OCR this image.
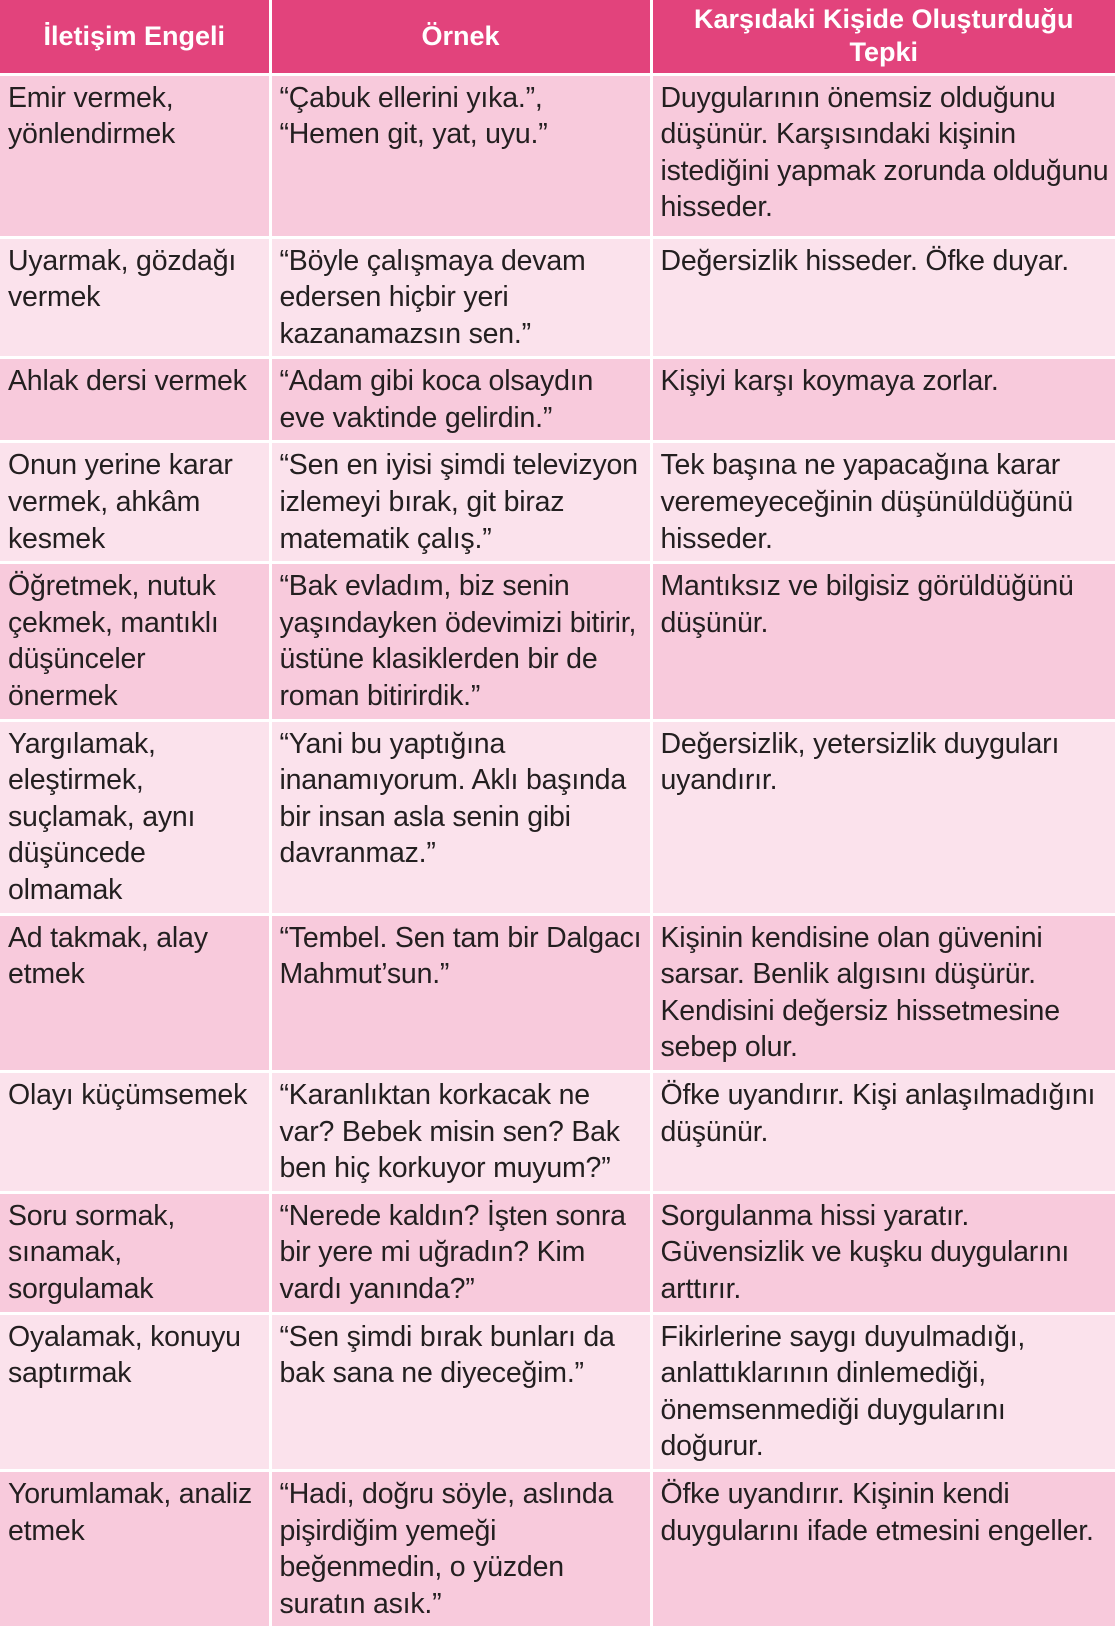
İletişim Engeli	Örnek	Karşıdaki Kişide Oluşturduğu Tepki

Emir vermek, yönlendirmek	“Çabuk ellerini yıka.”, “Hemen git, yat, uyu.”	Duygularının önemsiz olduğunu düşünür. Karşısındaki kişinin istediğini yapmak zorunda olduğunu hisseder.

Uyarmak, gözdağı vermek	“Böyle çalışmaya devam edersen hiçbir yeri kazanamazsın sen.”	Değersizlik hisseder. Öfke duyar.

Ahlak dersi vermek	“Adam gibi koca olsaydın eve vaktinde gelirdin.”	Kişiyi karşı koymaya zorlar.

Onun yerine karar vermek, ahkâm kesmek	“Sen en iyisi şimdi televizyon izlemeyi bırak, git biraz matematik çalış.”	Tek başına ne yapacağına karar veremeyeceğinin düşünüldüğünü hisseder.

Öğretmek, nutuk çekmek, mantıklı düşünceler önermek	“Bak evladım, biz senin yaşındayken ödevimizi bitirir, üstüne klasiklerden bir de roman bitirirdik.”	Mantıksız ve bilgisiz görüldüğünü düşünür.

Yargılamak, eleştirmek, suçlamak, aynı düşüncede olmamak	“Yani bu yaptığına inanamıyorum. Aklı başında bir insan asla senin gibi davranmaz.”	Değersizlik, yetersizlik duyguları uyandırır.

Ad takmak, alay etmek	“Tembel. Sen tam bir Dalgacı Mahmut’sun.”	Kişinin kendisine olan güvenini sarsar. Benlik algısını düşürür. Kendisini değersiz hissetmesine sebep olur.

Olayı küçümsemek	“Karanlıktan korkacak ne var? Bebek misin sen? Bak ben hiç korkuyor muyum?”	Öfke uyandırır. Kişi anlaşılmadığını düşünür.

Soru sormak, sınamak, sorgulamak	“Nerede kaldın? İşten sonra bir yere mi uğradın? Kim vardı yanında?”	Sorgulanma hissi yaratır. Güvensizlik ve kuşku duygularını arttırır.

Oyalamak, konuyu saptırmak	“Sen şimdi bırak bunları da bak sana ne diyeceğim.”	Fikirlerine saygı duyulmadığı, anlattıklarının dinlemediği, önemsenmediği duygularını doğurur.

Yorumlamak, analiz etmek	“Hadi, doğru söyle, aslında pişirdiğim yemeği beğenmedin, o yüzden suratın asık.”	Öfke uyandırır. Kişinin kendi duygularını ifade etmesini engeller.
